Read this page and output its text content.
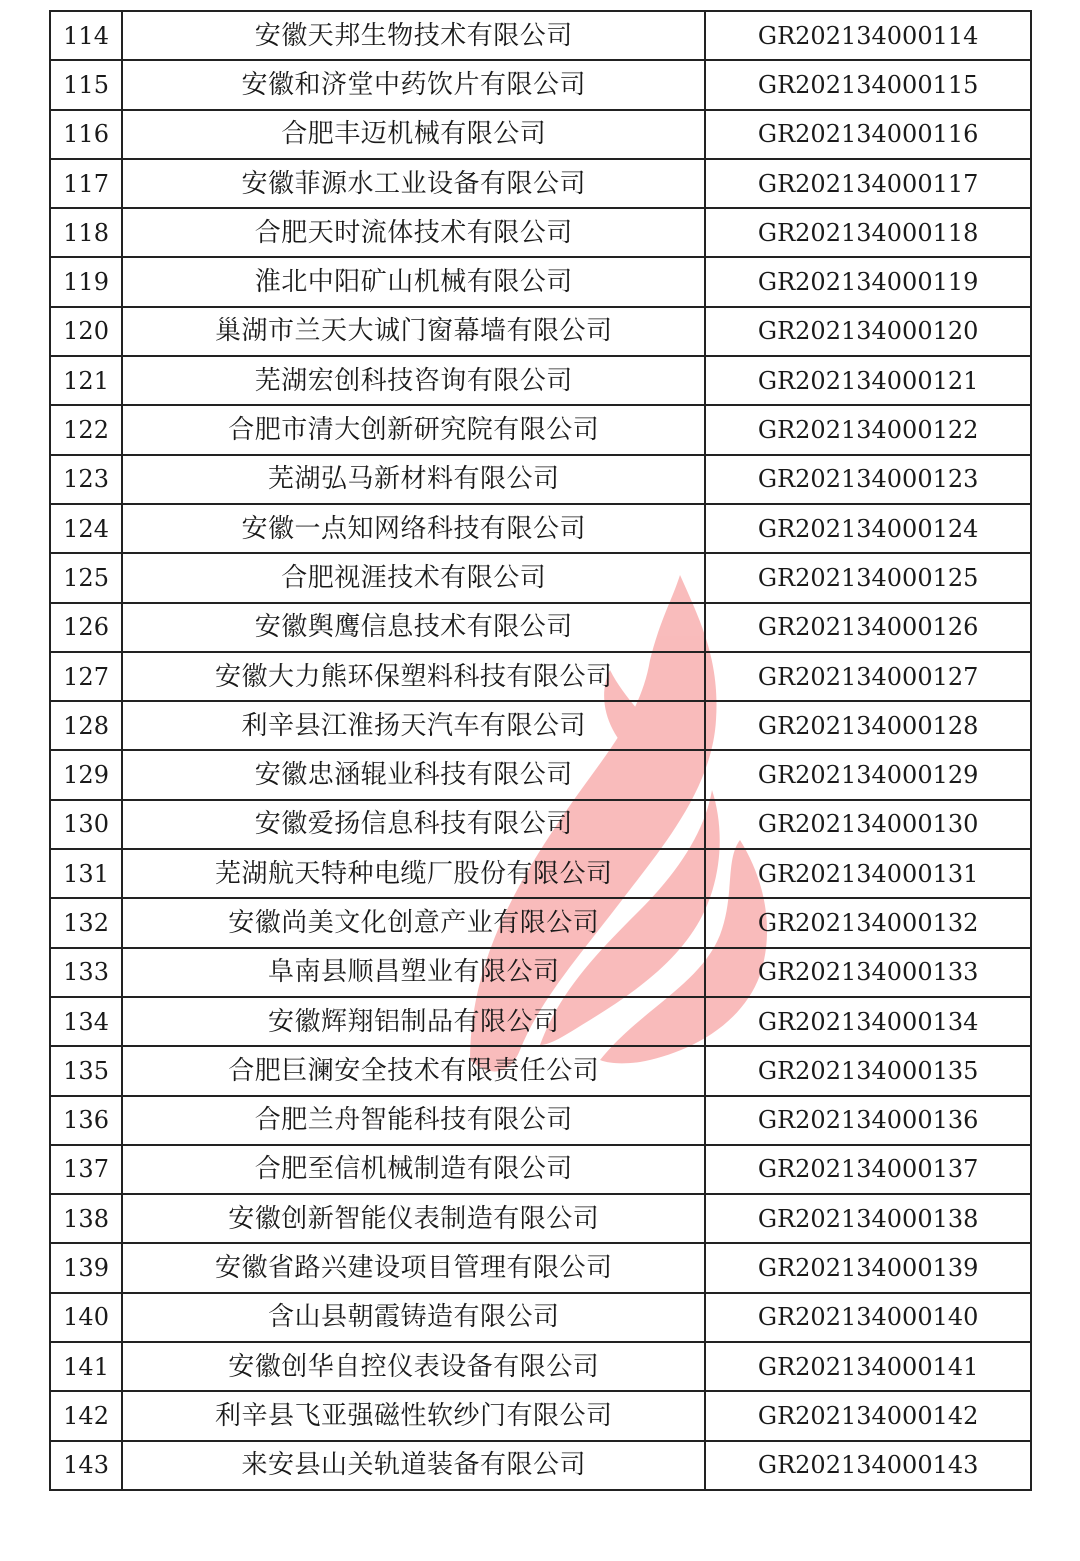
114	安徽天邦生物技术有限公司	GR202134000114
115	安徽和济堂中药饮片有限公司	GR202134000115
116	合肥丰迈机械有限公司	GR202134000116
117	安徽菲源水工业设备有限公司	GR202134000117
118	合肥天时流体技术有限公司	GR202134000118
119	淮北中阳矿山机械有限公司	GR202134000119
120	巢湖市兰天大诚门窗幕墙有限公司	GR202134000120
121	芜湖宏创科技咨询有限公司	GR202134000121
122	合肥市清大创新研究院有限公司	GR202134000122
123	芜湖弘马新材料有限公司	GR202134000123
124	安徽一点知网络科技有限公司	GR202134000124
125	合肥视涯技术有限公司	GR202134000125
126	安徽舆鹰信息技术有限公司	GR202134000126
127	安徽大力熊环保塑料科技有限公司	GR202134000127
128	利辛县江淮扬天汽车有限公司	GR202134000128
129	安徽忠涵辊业科技有限公司	GR202134000129
130	安徽爱扬信息科技有限公司	GR202134000130
131	芜湖航天特种电缆厂股份有限公司	GR202134000131
132	安徽尚美文化创意产业有限公司	GR202134000132
133	阜南县顺昌塑业有限公司	GR202134000133
134	安徽辉翔铝制品有限公司	GR202134000134
135	合肥巨澜安全技术有限责任公司	GR202134000135
136	合肥兰舟智能科技有限公司	GR202134000136
137	合肥至信机械制造有限公司	GR202134000137
138	安徽创新智能仪表制造有限公司	GR202134000138
139	安徽省路兴建设项目管理有限公司	GR202134000139
140	含山县朝霞铸造有限公司	GR202134000140
141	安徽创华自控仪表设备有限公司	GR202134000141
142	利辛县飞亚强磁性软纱门有限公司	GR202134000142
143	来安县山关轨道装备有限公司	GR202134000143
